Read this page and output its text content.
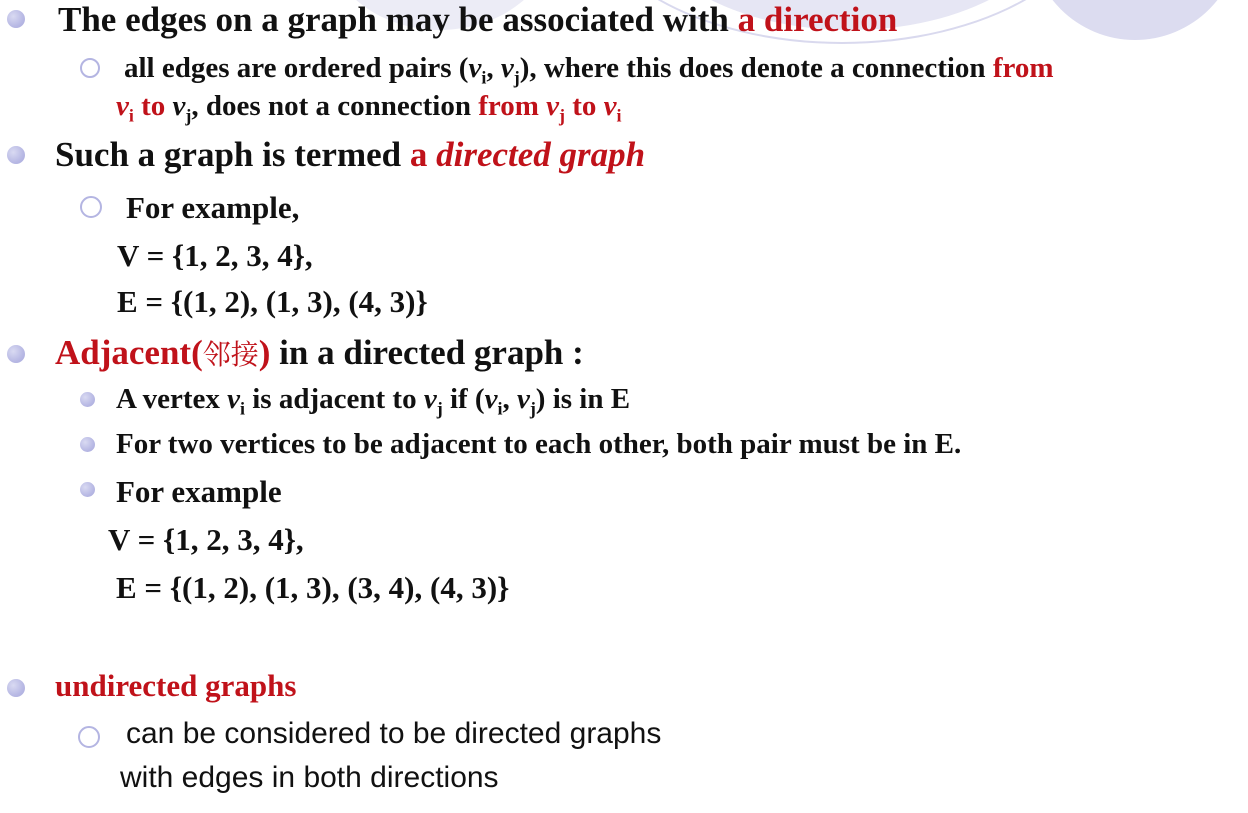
The edges on a graph may be associated with a direction
all edges are ordered pairs ($v_i$, $v_j$), where this does denote a connection from
$v_i$ to $v_j$, does not a connection from $v_j$ to $v_i$
Such a graph is termed a directed graph
For example,
V = {1, 2, 3, 4},
E = {(1, 2), (1, 3), (4, 3)}
Adjacent(邻接) in a directed graph :
A vertex $v_i$ is adjacent to $v_j$ if ($v_i$, $v_j$) is in E
For two vertices to be adjacent to each other, both pair must be in E.
For example
V = {1, 2, 3, 4},
E = {(1, 2), (1, 3), (3, 4), (4, 3)}
undirected graphs
can be considered to be directed graphs
with edges in both directions
